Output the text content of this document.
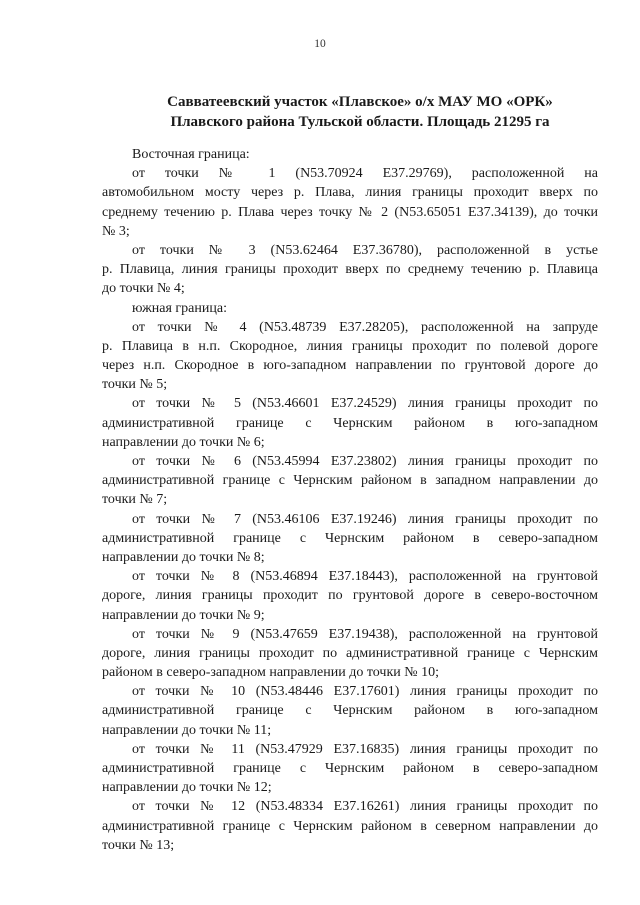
10
Савватеевский участок «Плавское» о/х МАУ МО «ОРК»
Плавского района Тульской области. Площадь 21295 га
Восточная граница:
от точки № 1 (N53.70924 E37.29769), расположенной на
автомобильном мосту через р. Плава, линия границы проходит вверх по
среднему течению р. Плава через точку № 2 (N53.65051 E37.34139), до точки
№ 3;
от точки № 3 (N53.62464 E37.36780), расположенной в устье
р. Плавица, линия границы проходит вверх по среднему течению р. Плавица
до точки № 4;
южная граница:
от точки № 4 (N53.48739 E37.28205), расположенной на запруде
р. Плавица в н.п. Скородное, линия границы проходит по полевой дороге
через н.п. Скородное в юго-западном направлении по грунтовой дороге до
точки № 5;
от точки № 5 (N53.46601 E37.24529) линия границы проходит по
административной границе с Чернским районом в юго-западном
направлении до точки № 6;
от точки № 6 (N53.45994 E37.23802) линия границы проходит по
административной границе с Чернским районом в западном направлении до
точки № 7;
от точки № 7 (N53.46106 E37.19246) линия границы проходит по
административной границе с Чернским районом в северо-западном
направлении до точки № 8;
от точки № 8 (N53.46894 E37.18443), расположенной на грунтовой
дороге, линия границы проходит по грунтовой дороге в северо-восточном
направлении до точки № 9;
от точки № 9 (N53.47659 E37.19438), расположенной на грунтовой
дороге, линия границы проходит по административной границе с Чернским
районом в северо-западном направлении до точки № 10;
от точки № 10 (N53.48446 E37.17601) линия границы проходит по
административной границе с Чернским районом в юго-западном
направлении до точки № 11;
от точки № 11 (N53.47929 E37.16835) линия границы проходит по
административной границе с Чернским районом в северо-западном
направлении до точки № 12;
от точки № 12 (N53.48334 E37.16261) линия границы проходит по
административной границе с Чернским районом в северном направлении до
точки № 13;
